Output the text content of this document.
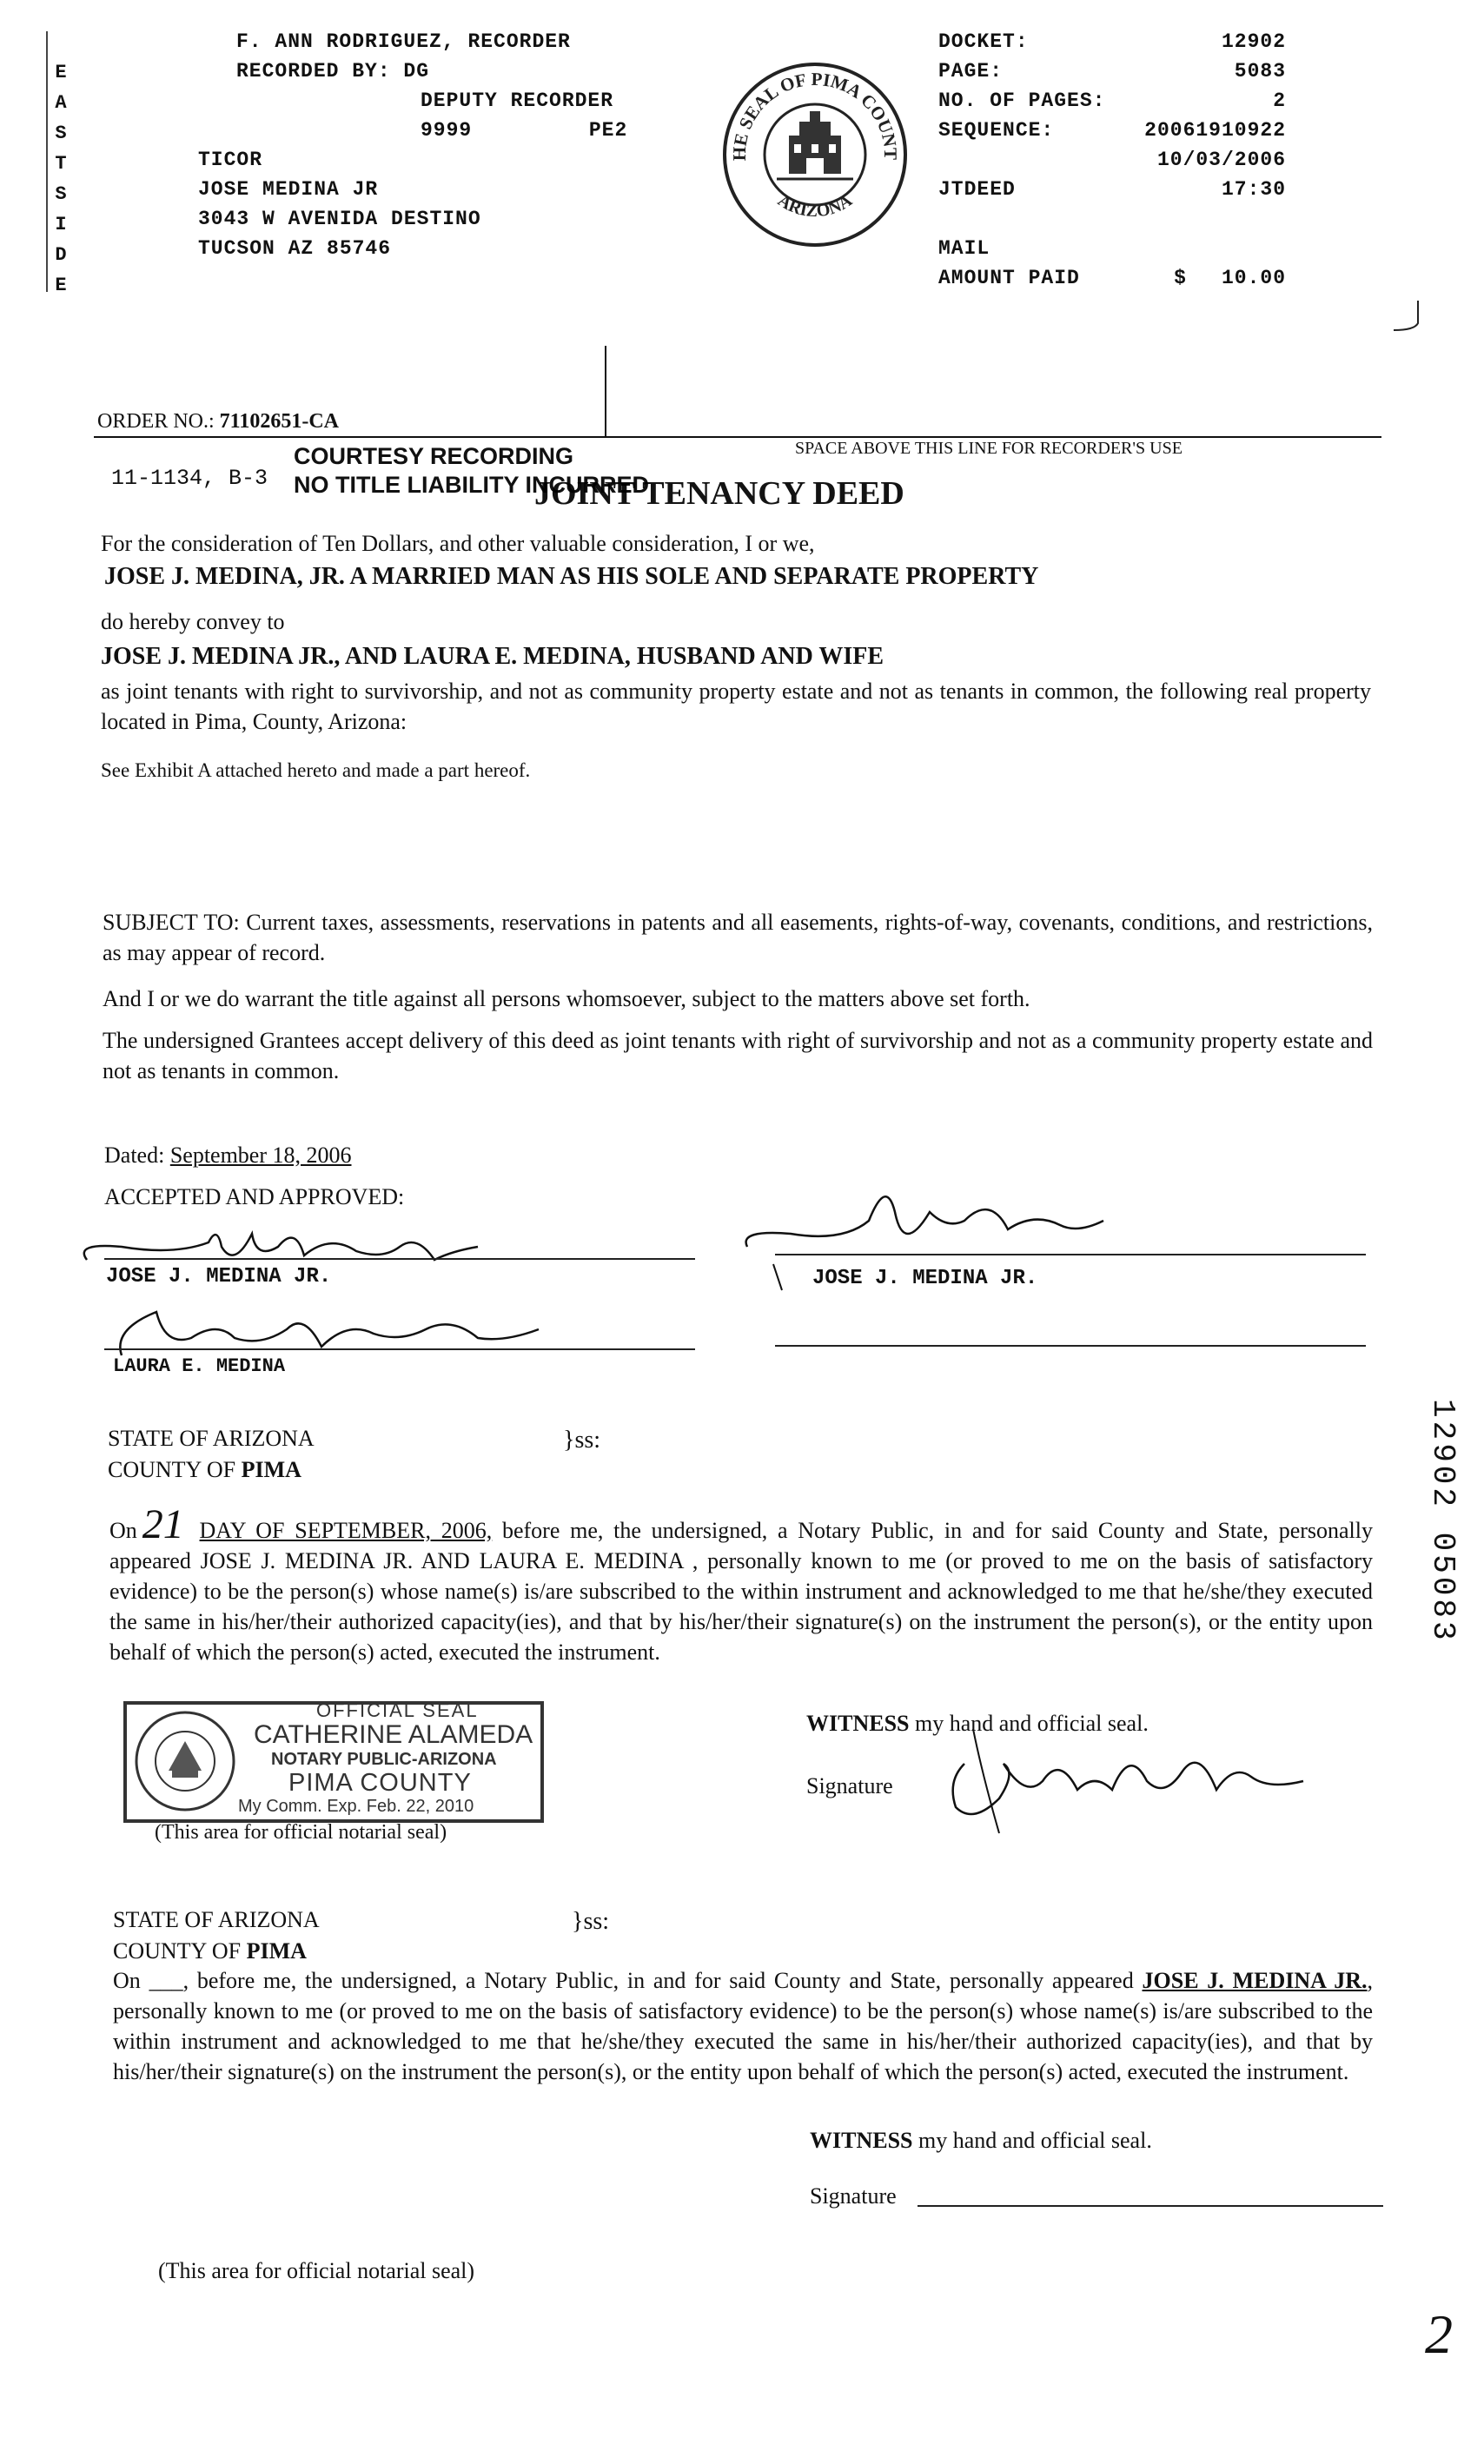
E
A
S
T
S
I
D
E
F. ANN RODRIGUEZ, RECORDER
RECORDED BY: DG
DEPUTY RECORDER
9999	PE2
TICOR
JOSE MEDINA JR
3043 W AVENIDA DESTINO
TUCSON AZ 85746
HE SEAL OF PIMA COUNT
ARIZONA
DOCKET:	12902
PAGE:	5083
NO. OF PAGES:	2
SEQUENCE:	20061910922
10/03/2006
JTDEED	17:30
MAIL
AMOUNT PAID	$ 10.00
ORDER NO.: 71102651-CA
SPACE ABOVE THIS LINE FOR RECORDER'S USE
11-1134, B-3
COURTESY RECORDING
NO TITLE LIABILITY INCURRED
JOINT TENANCY DEED
For the consideration of Ten Dollars, and other valuable consideration, I or we,
JOSE J. MEDINA, JR. A MARRIED MAN AS HIS SOLE AND SEPARATE PROPERTY
do hereby convey to
JOSE J. MEDINA JR., AND LAURA E. MEDINA, HUSBAND AND WIFE
as joint tenants with right to survivorship, and not as community property estate and not as tenants in common, the following real property located in Pima, County, Arizona:
See Exhibit A attached hereto and made a part hereof.
SUBJECT TO: Current taxes, assessments, reservations in patents and all easements, rights-of-way, covenants, conditions, and restrictions, as may appear of record.
And I or we do warrant the title against all persons whomsoever, subject to the matters above set forth.
The undersigned Grantees accept delivery of this deed as joint tenants with right of survivorship and not as a community property estate and not as tenants in common.
Dated: September 18, 2006
ACCEPTED AND APPROVED:
JOSE J. MEDINA JR.
LAURA E. MEDINA
JOSE J. MEDINA JR.
STATE OF ARIZONA
COUNTY OF PIMA
}ss:
On 21 DAY OF SEPTEMBER, 2006, before me, the undersigned, a Notary Public, in and for said County and State, personally appeared JOSE J. MEDINA JR. AND LAURA E. MEDINA , personally known to me (or proved to me on the basis of satisfactory evidence) to be the person(s) whose name(s) is/are subscribed to the within instrument and acknowledged to me that he/she/they executed the same in his/her/their authorized capacity(ies), and that by his/her/their signature(s) on the instrument the person(s), or the entity upon behalf of which the person(s) acted, executed the instrument.
OFFICIAL SEAL
CATHERINE ALAMEDA
NOTARY PUBLIC-ARIZONA
PIMA COUNTY
My Comm. Exp. Feb. 22, 2010
(This area for official notarial seal)
WITNESS my hand and official seal.
Signature
STATE OF ARIZONA
COUNTY OF PIMA
}ss:
On ___, before me, the undersigned, a Notary Public, in and for said County and State, personally appeared JOSE J. MEDINA JR., personally known to me (or proved to me on the basis of satisfactory evidence) to be the person(s) whose name(s) is/are subscribed to the within instrument and acknowledged to me that he/she/they executed the same in his/her/their authorized capacity(ies), and that by his/her/their signature(s) on the instrument the person(s), or the entity upon behalf of which the person(s) acted, executed the instrument.
WITNESS my hand and official seal.
Signature
(This area for official notarial seal)
12902 05083
2
